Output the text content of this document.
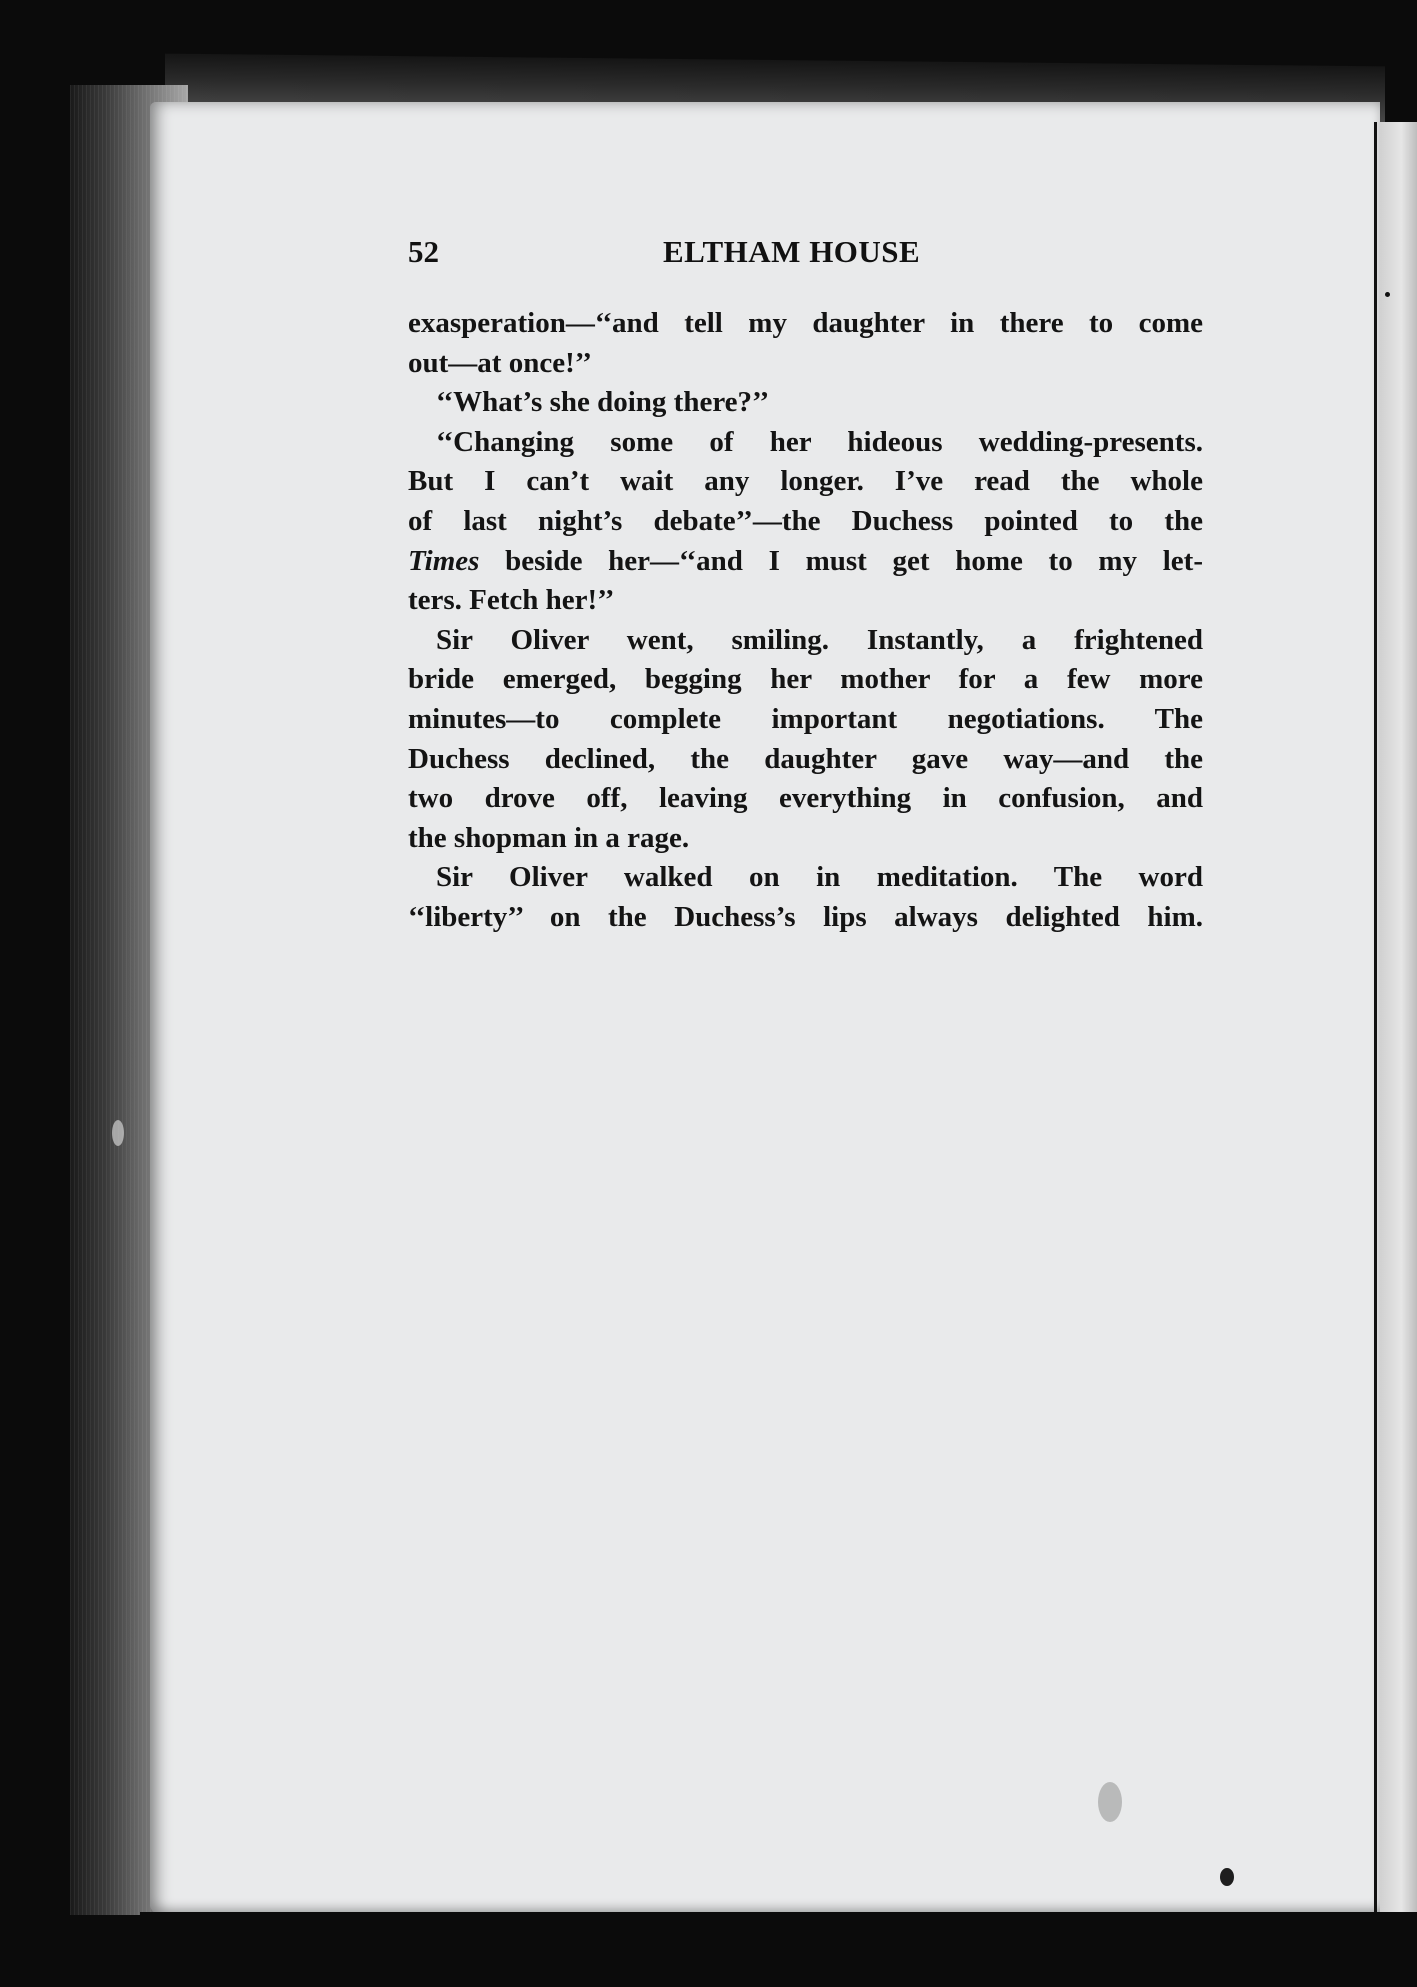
52	ELTHAM HOUSE
exasperation—‘‘and tell my daughter in there to come
out—at once!’’
‘‘What’s she doing there?’’
‘‘Changing some of her hideous wedding-presents.
But I can’t wait any longer. I’ve read the whole
of last night’s debate’’—the Duchess pointed to the
Times beside her—‘‘and I must get home to my let-
ters. Fetch her!’’
Sir Oliver went, smiling. Instantly, a frightened
bride emerged, begging her mother for a few more
minutes—to complete important negotiations. The
Duchess declined, the daughter gave way—and the
two drove off, leaving everything in confusion, and
the shopman in a rage.
Sir Oliver walked on in meditation. The word
‘‘liberty’’ on the Duchess’s lips always delighted him.
